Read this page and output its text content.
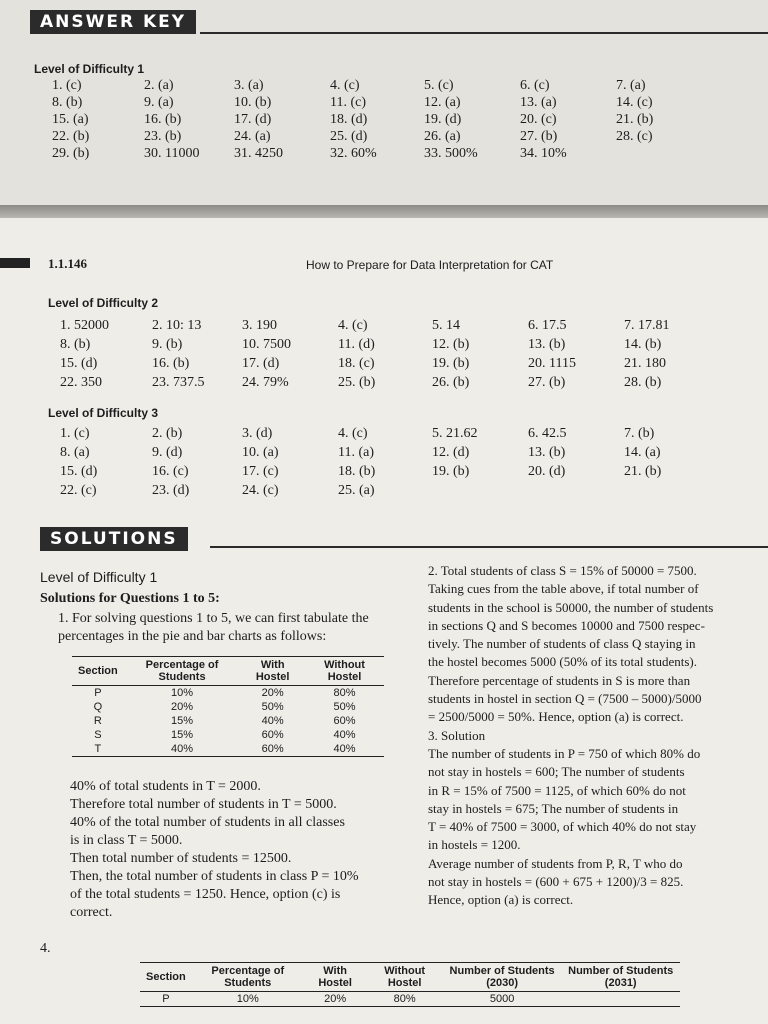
ANSWER KEY
Level of Difficulty 1
1. (c)	2. (a)	3. (a)	4. (c)	5. (c)	6. (c)	7. (a)
8. (b)	9. (a)	10. (b)	11. (c)	12. (a)	13. (a)	14. (c)
15. (a)	16. (b)	17. (d)	18. (d)	19. (d)	20. (c)	21. (b)
22. (b)	23. (b)	24. (a)	25. (d)	26. (a)	27. (b)	28. (c)
29. (b)	30. 11000 31. 4250	32. 60%	33. 500%	34. 10%
1.1.146	How to Prepare for Data Interpretation for CAT
Level of Difficulty 2
1. 52000	2. 10: 13	3. 190	4. (c)	5. 14	6. 17.5	7. 17.81
8. (b)	9. (b)	10. 7500	11. (d)	12. (b)	13. (b)	14. (b)
15. (d)	16. (b)	17. (d)	18. (c)	19. (b)	20. 1115	21. 180
22. 350	23. 737.5	24. 79%	25. (b)	26. (b)	27. (b)	28. (b)
Level of Difficulty 3
1. (c)	2. (b)	3. (d)	4. (c)	5. 21.62	6. 42.5	7. (b)
8. (a)	9. (d)	10. (a)	11. (a)	12. (d)	13. (b)	14. (a)
15. (d)	16. (c)	17. (c)	18. (b)	19. (b)	20. (d)	21. (b)
22. (c)	23. (d)	24. (c)	25. (a)
SOLUTIONS
Level of Difficulty 1
Solutions for Questions 1 to 5:
1. For solving questions 1 to 5, we can first tabulate the percentages in the pie and bar charts as follows:
Section	Percentage of Students	With Hostel	Without Hostel
P	10%	20%	80%
Q	20%	50%	50%
R	15%	40%	60%
S	15%	60%	40%
T	40%	60%	40%
40% of total students in T = 2000.
Therefore total number of students in T = 5000.
40% of the total number of students in all classes
is in class T = 5000.
Then total number of students = 12500.
Then, the total number of students in class P = 10%
of the total students = 1250. Hence, option (c) is
correct.
4.
2. Total students of class S = 15% of 50000 = 7500.
Taking cues from the table above, if total number of
students in the school is 50000, the number of students
in sections Q and S becomes 10000 and 7500 respec-
tively. The number of students of class Q staying in
the hostel becomes 5000 (50% of its total students).
Therefore percentage of students in S is more than
students in hostel in section Q = (7500 – 5000)/5000
= 2500/5000 = 50%. Hence, option (a) is correct.
3. Solution
The number of students in P = 750 of which 80% do
not stay in hostels = 600; The number of students
in R = 15% of 7500 = 1125, of which 60% do not
stay in hostels = 675; The number of students in
T = 40% of 7500 = 3000, of which 40% do not stay
in hostels = 1200.
Average number of students from P, R, T who do
not stay in hostels = (600 + 675 + 1200)/3 = 825.
Hence, option (a) is correct.
Section	Percentage of Students	With Hostel	Without Hostel	Number of Students (2030)	Number of Students (2031)
P	10%	20%	80%	5000	
